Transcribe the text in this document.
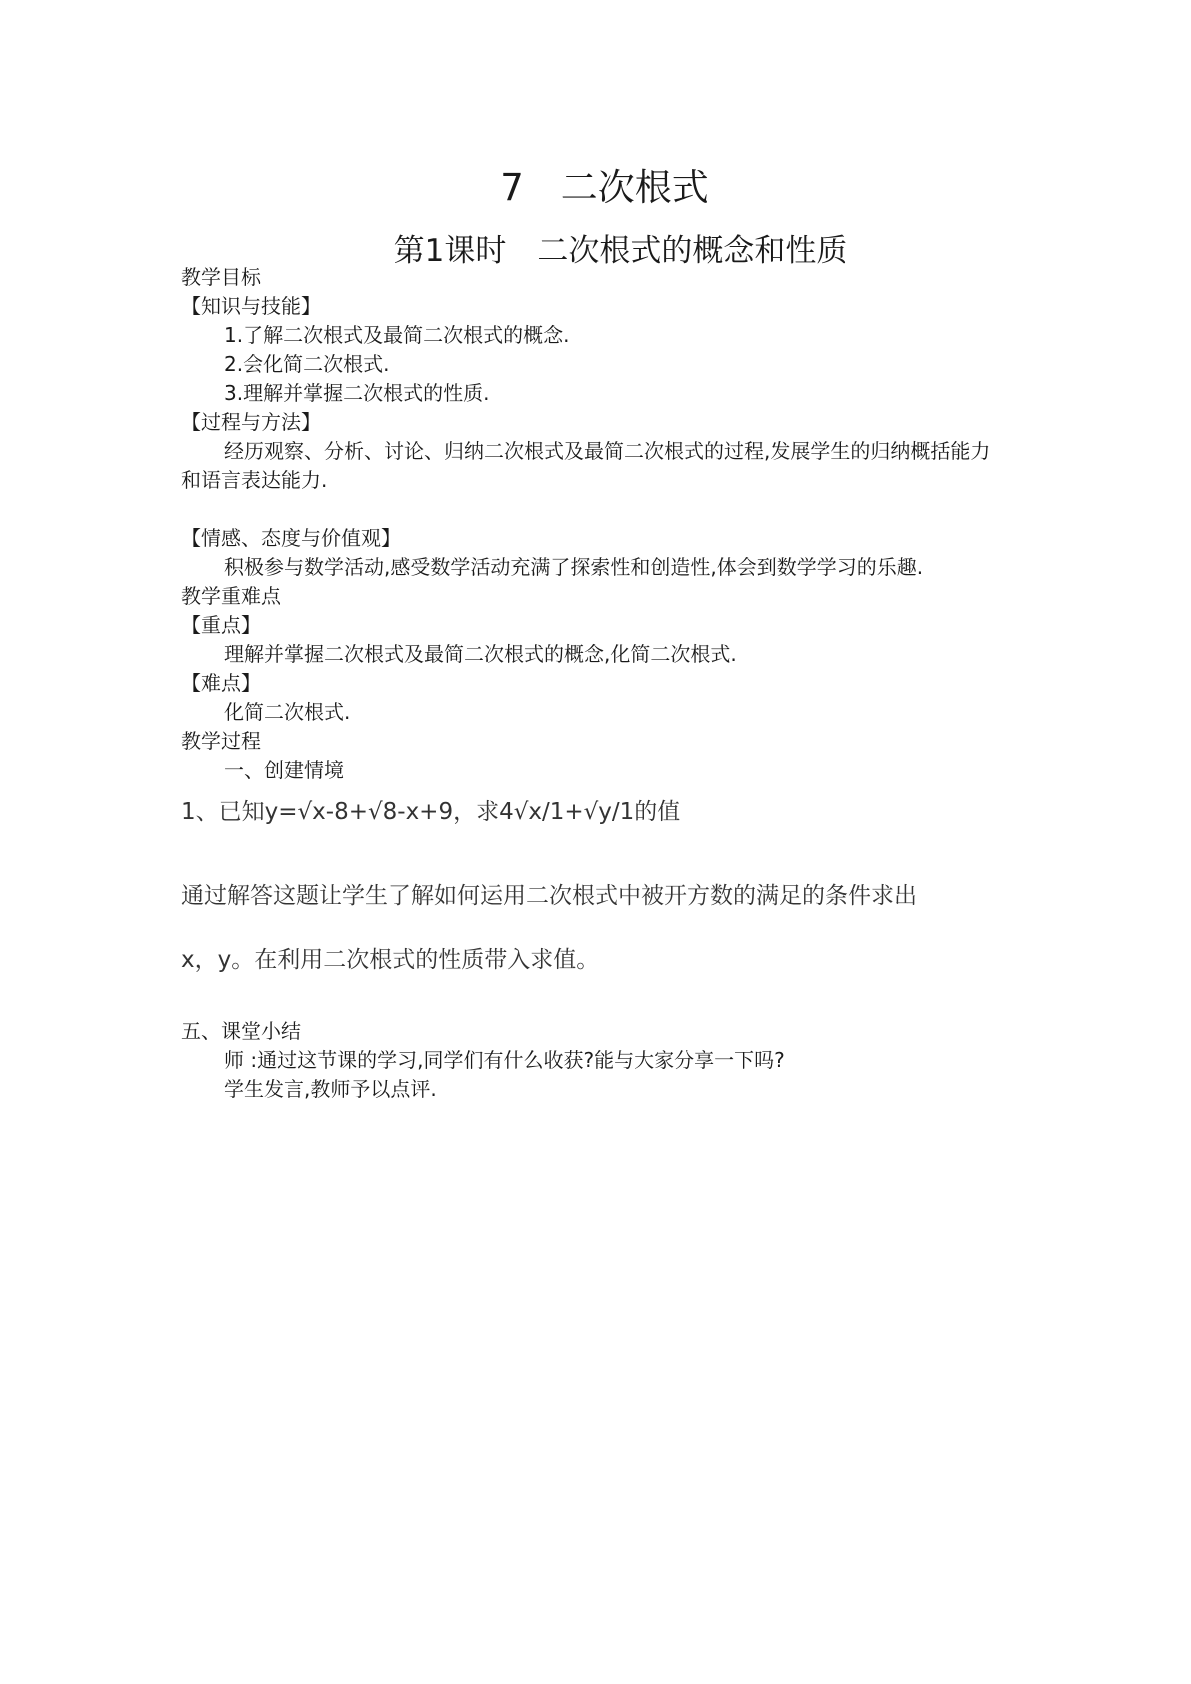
7　二次根式
第1课时　二次根式的概念和性质
教学目标
【知识与技能】
1.了解二次根式及最简二次根式的概念.
2.会化简二次根式.
3.理解并掌握二次根式的性质.
【过程与方法】
经历观察、分析、讨论、归纳二次根式及最简二次根式的过程,发展学生的归纳概括能力
和语言表达能力.
【情感、态度与价值观】
积极参与数学活动,感受数学活动充满了探索性和创造性,体会到数学学习的乐趣.
教学重难点
【重点】
理解并掌握二次根式及最简二次根式的概念,化简二次根式.
【难点】
化简二次根式.
教学过程
一、创建情境
1、已知y=√x-8+√8-x+9，求4√x/1+√y/1的值
通过解答这题让学生了解如何运用二次根式中被开方数的满足的条件求出
x，y。在利用二次根式的性质带入求值。
五、课堂小结
师 :通过这节课的学习,同学们有什么收获?能与大家分享一下吗?
学生发言,教师予以点评.
